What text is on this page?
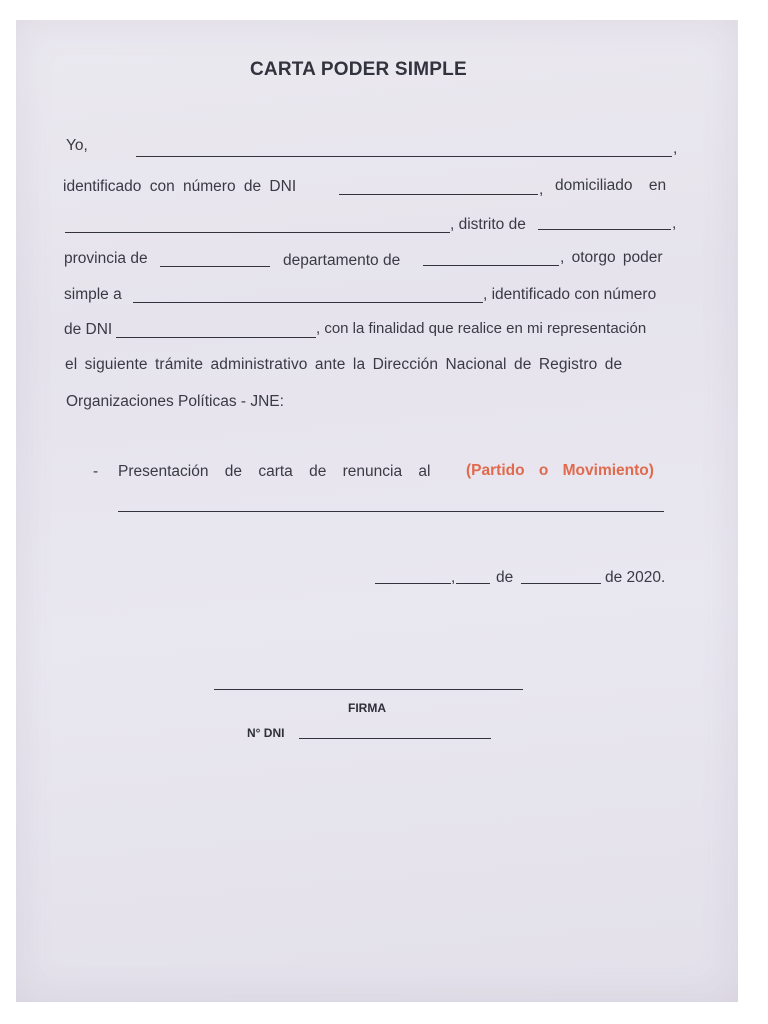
CARTA PODER SIMPLE
Yo,	,
identificado con número de DNI	, domiciliado en
, distrito de	,
provincia de	departamento de	, otorgo poder
simple a	, identificado con número
de DNI	, con la finalidad que realice en mi representación
el siguiente trámite administrativo ante la Dirección Nacional de Registro de
Organizaciones Políticas - JNE:
- Presentación de carta de renuncia al (Partido o Movimiento)
,	de	de 2020.
FIRMA
N° DNI
